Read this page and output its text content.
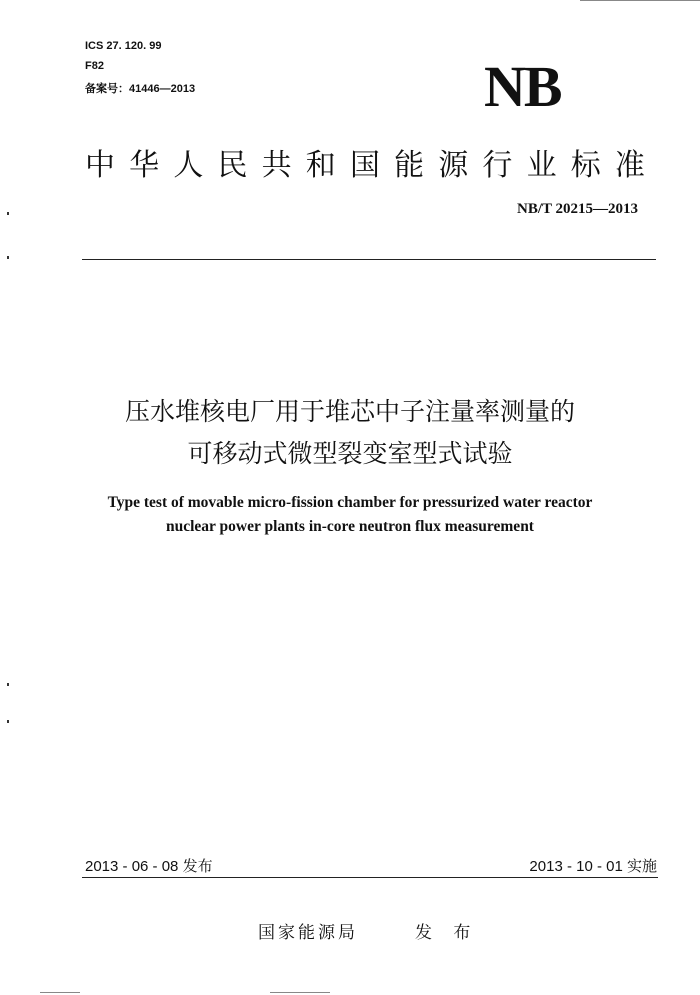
ICS 27. 120. 99
F82
备案号：41446—2013	NB
中 华 人 民 共 和 国 能 源 行 业 标 准
NB/T 20215—2013
压水堆核电厂用于堆芯中子注量率测量的
可移动式微型裂变室型式试验
Type test of movable micro-fission chamber for pressurized water reactor
nuclear power plants in-core neutron flux measurement
2013 - 06 - 08 发布	2013 - 10 - 01 实施
国家能源局	发 布
